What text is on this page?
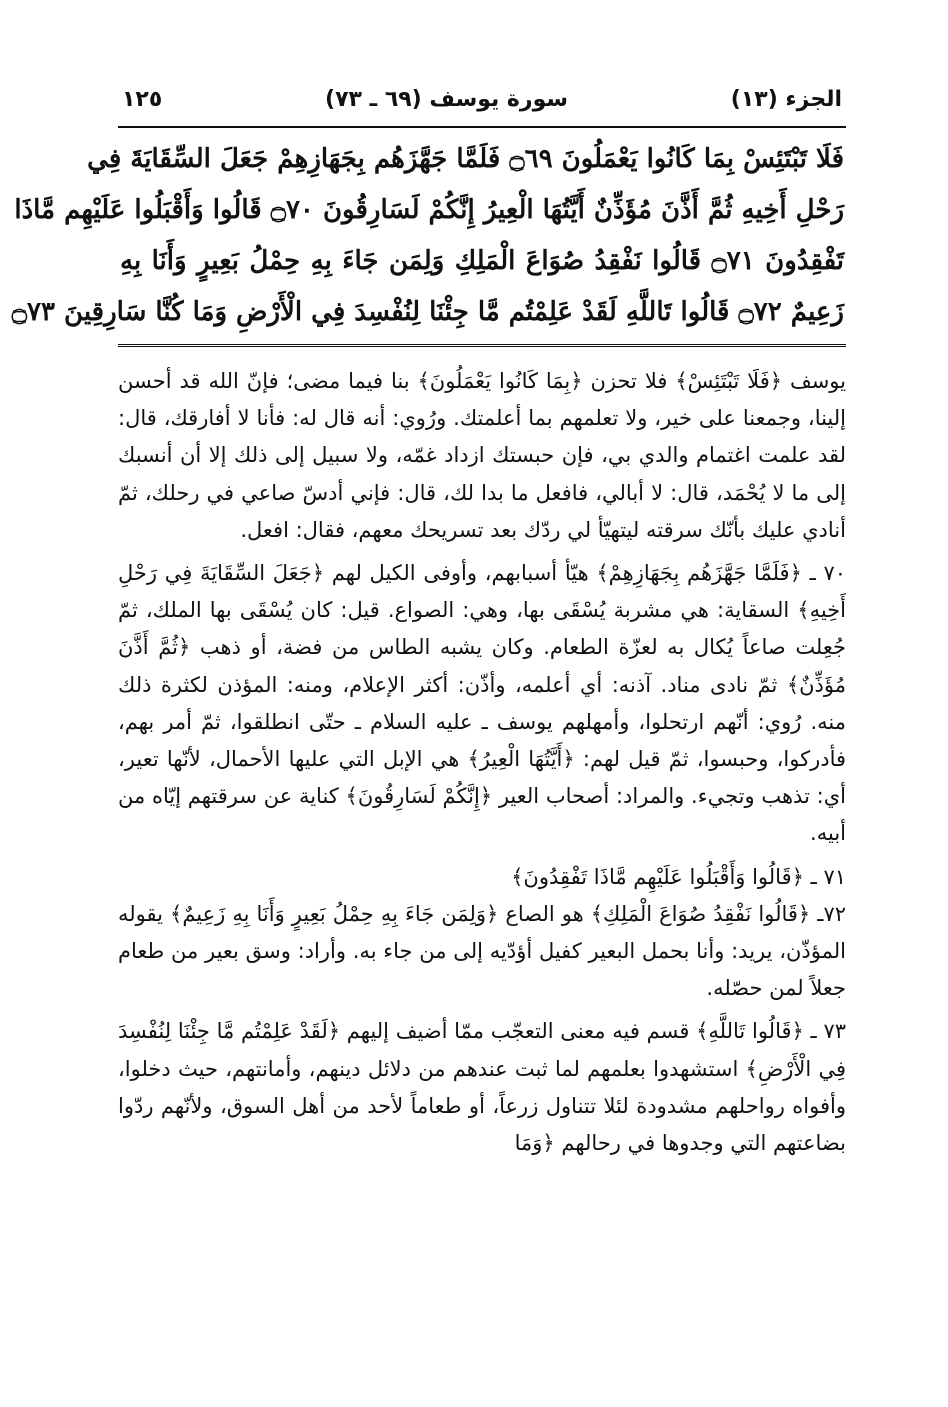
الجزء (١٣)
سورة يوسف (٦٩ ـ ٧٣)
١٢٥
فَلَا تَبْتَئِسْ بِمَا كَانُوا يَعْمَلُونَ ۝٦٩ فَلَمَّا جَهَّزَهُم بِجَهَازِهِمْ جَعَلَ السِّقَايَةَ فِي
رَحْلِ أَخِيهِ ثُمَّ أَذَّنَ مُؤَذِّنٌ أَيَّتُهَا الْعِيرُ إِنَّكُمْ لَسَارِقُونَ ۝٧٠ قَالُوا وَأَقْبَلُوا عَلَيْهِم مَّاذَا
تَفْقِدُونَ ۝٧١ قَالُوا نَفْقِدُ صُوَاعَ الْمَلِكِ وَلِمَن جَاءَ بِهِ حِمْلُ بَعِيرٍ وَأَنَا بِهِ
زَعِيمٌ ۝٧٢ قَالُوا تَاللَّهِ لَقَدْ عَلِمْتُم مَّا جِئْنَا لِنُفْسِدَ فِي الْأَرْضِ وَمَا كُنَّا سَارِقِينَ ۝٧٣

يوسف ﴿فَلَا تَبْتَئِسْ﴾ فلا تحزن ﴿بِمَا كَانُوا يَعْمَلُونَ﴾ بنا فيما مضى؛ فإنّ الله قد أحسن إلينا، وجمعنا على خير، ولا تعلمهم بما أعلمتك. ورُوي: أنه قال له: فأنا لا أفارقك، قال: لقد علمت اغتمام والدي بي، فإن حبستك ازداد غمّه، ولا سبيل إلى ذلك إلا أن أنسبك إلى ما لا يُحْمَد، قال: لا أبالي، فافعل ما بدا لك، قال: فإني أدسّ صاعي في رحلك، ثمّ أنادي عليك بأنّك سرقته ليتهيّأ لي ردّك بعد تسريحك معهم، فقال: افعل.

٧٠ ـ ﴿فَلَمَّا جَهَّزَهُم بِجَهَازِهِمْ﴾ هيّأ أسبابهم، وأوفى الكيل لهم ﴿جَعَلَ السِّقَايَةَ فِي رَحْلِ أَخِيهِ﴾ السقاية: هي مشربة يُسْقَى بها، وهي: الصواع. قيل: كان يُسْقَى بها الملك، ثمّ جُعِلت صاعاً يُكال به لعزّة الطعام. وكان يشبه الطاس من فضة، أو ذهب ﴿ثُمَّ أَذَّنَ مُؤَذِّنٌ﴾ ثمّ نادى مناد. آذنه: أي أعلمه، وأذّن: أكثر الإعلام، ومنه: المؤذن لكثرة ذلك منه. رُوي: أنّهم ارتحلوا، وأمهلهم يوسف ـ عليه السلام ـ حتّى انطلقوا، ثمّ أمر بهم، فأدركوا، وحبسوا، ثمّ قيل لهم: ﴿أَيَّتُهَا الْعِيرُ﴾ هي الإبل التي عليها الأحمال، لأنّها تعير، أي: تذهب وتجيء. والمراد: أصحاب العير ﴿إِنَّكُمْ لَسَارِقُونَ﴾ كناية عن سرقتهم إيّاه من أبيه.

٧١ ـ ﴿قَالُوا وَأَقْبَلُوا عَلَيْهِم مَّاذَا تَفْقِدُونَ﴾

٧٢ـ ﴿قَالُوا نَفْقِدُ صُوَاعَ الْمَلِكِ﴾ هو الصاع ﴿وَلِمَن جَاءَ بِهِ حِمْلُ بَعِيرٍ وَأَنَا بِهِ زَعِيمٌ﴾ يقوله المؤذّن، يريد: وأنا بحمل البعير كفيل أؤدّيه إلى من جاء به. وأراد: وسق بعير من طعام جعلاً لمن حصّله.

٧٣ ـ ﴿قَالُوا تَاللَّهِ﴾ قسم فيه معنى التعجّب ممّا أضيف إليهم ﴿لَقَدْ عَلِمْتُم مَّا جِئْنَا لِنُفْسِدَ فِي الْأَرْضِ﴾ استشهدوا بعلمهم لما ثبت عندهم من دلائل دينهم، وأمانتهم، حيث دخلوا، وأفواه رواحلهم مشدودة لئلا تتناول زرعاً، أو طعاماً لأحد من أهل السوق، ولأنّهم ردّوا بضاعتهم التي وجدوها في رحالهم ﴿وَمَا
